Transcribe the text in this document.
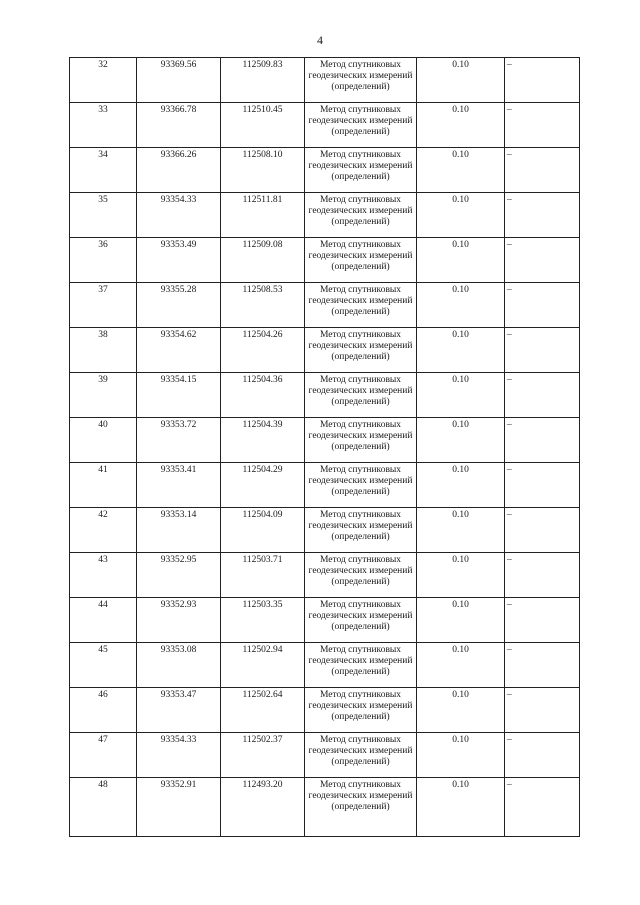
4
32	93369.56	112509.83	Метод спутниковых геодезических измерений (определений)	0.10	–
33	93366.78	112510.45	Метод спутниковых геодезических измерений (определений)	0.10	–
34	93366.26	112508.10	Метод спутниковых геодезических измерений (определений)	0.10	–
35	93354.33	112511.81	Метод спутниковых геодезических измерений (определений)	0.10	–
36	93353.49	112509.08	Метод спутниковых геодезических измерений (определений)	0.10	–
37	93355.28	112508.53	Метод спутниковых геодезических измерений (определений)	0.10	–
38	93354.62	112504.26	Метод спутниковых геодезических измерений (определений)	0.10	–
39	93354.15	112504.36	Метод спутниковых геодезических измерений (определений)	0.10	–
40	93353.72	112504.39	Метод спутниковых геодезических измерений (определений)	0.10	–
41	93353.41	112504.29	Метод спутниковых геодезических измерений (определений)	0.10	–
42	93353.14	112504.09	Метод спутниковых геодезических измерений (определений)	0.10	–
43	93352.95	112503.71	Метод спутниковых геодезических измерений (определений)	0.10	–
44	93352.93	112503.35	Метод спутниковых геодезических измерений (определений)	0.10	–
45	93353.08	112502.94	Метод спутниковых геодезических измерений (определений)	0.10	–
46	93353.47	112502.64	Метод спутниковых геодезических измерений (определений)	0.10	–
47	93354.33	112502.37	Метод спутниковых геодезических измерений (определений)	0.10	–
48	93352.91	112493.20	Метод спутниковых геодезических измерений (определений)	0.10	–
